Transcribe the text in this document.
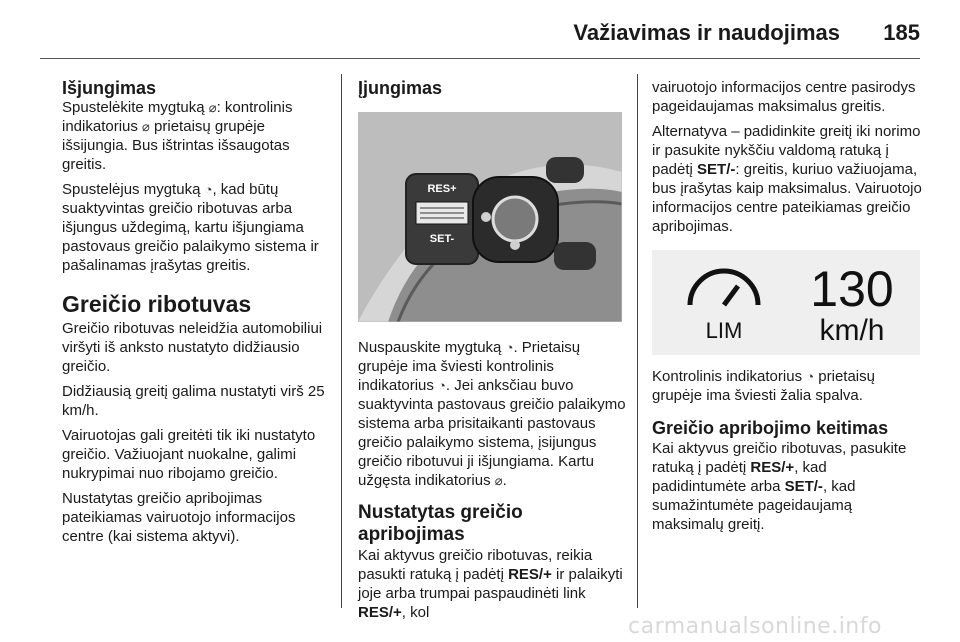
Važiavimas ir naudojimas 185
Išjungimas

Spustelėkite mygtuką ⌀: kontrolinis indikatorius ⌀ prietaisų grupėje išsijungia. Bus ištrintas išsaugotas greitis.

Spustelėjus mygtuką ◔, kad būtų suaktyvintas greičio ribotuvas arba išjungus uždegimą, kartu išjungiama pastovaus greičio palaikymo sistema ir pašalinamas įrašytas greitis.

Greičio ribotuvas

Greičio ribotuvas neleidžia automobiliui viršyti iš anksto nustatyto didžiausio greičio.

Didžiausią greitį galima nustatyti virš 25 km/h.

Vairuotojas gali greitėti tik iki nustatyto greičio. Važiuojant nuokalne, galimi nukrypimai nuo ribojamo greičio.

Nustatytas greičio apribojimas pateikiamas vairuotojo informacijos centre (kai sistema aktyvi).

Įjungimas
RES+
SET-

Nuspauskite mygtuką ◔. Prietaisų grupėje ima šviesti kontrolinis indikatorius ◔. Jei anksčiau buvo suaktyvinta pastovaus greičio palaikymo sistema arba prisitaikanti pastovaus greičio palaikymo sistema, įsijungus greičio ribotuvui ji išjungiama. Kartu užgęsta indikatorius ⌀.

Nustatytas greičio apribojimas

Kai aktyvus greičio ribotuvas, reikia pasukti ratuką į padėtį RES/+ ir palaikyti joje arba trumpai paspaudinėti link RES/+, kol

vairuotojo informacijos centre pasirodys pageidaujamas maksimalus greitis.

Alternatyva – padidinkite greitį iki norimo ir pasukite nykščiu valdomą ratuką į padėtį SET/-: greitis, kuriuo važiuojama, bus įrašytas kaip maksimalus. Vairuotojo informacijos centre pateikiamas greičio apribojimas.

LIM
130
km/h

Kontrolinis indikatorius ◔ prietaisų grupėje ima šviesti žalia spalva.

Greičio apribojimo keitimas

Kai aktyvus greičio ribotuvas, pasukite ratuką į padėtį RES/+, kad padidintumėte arba SET/-, kad sumažintumėte pageidaujamą maksimalų greitį.

carmanualsonline.info
